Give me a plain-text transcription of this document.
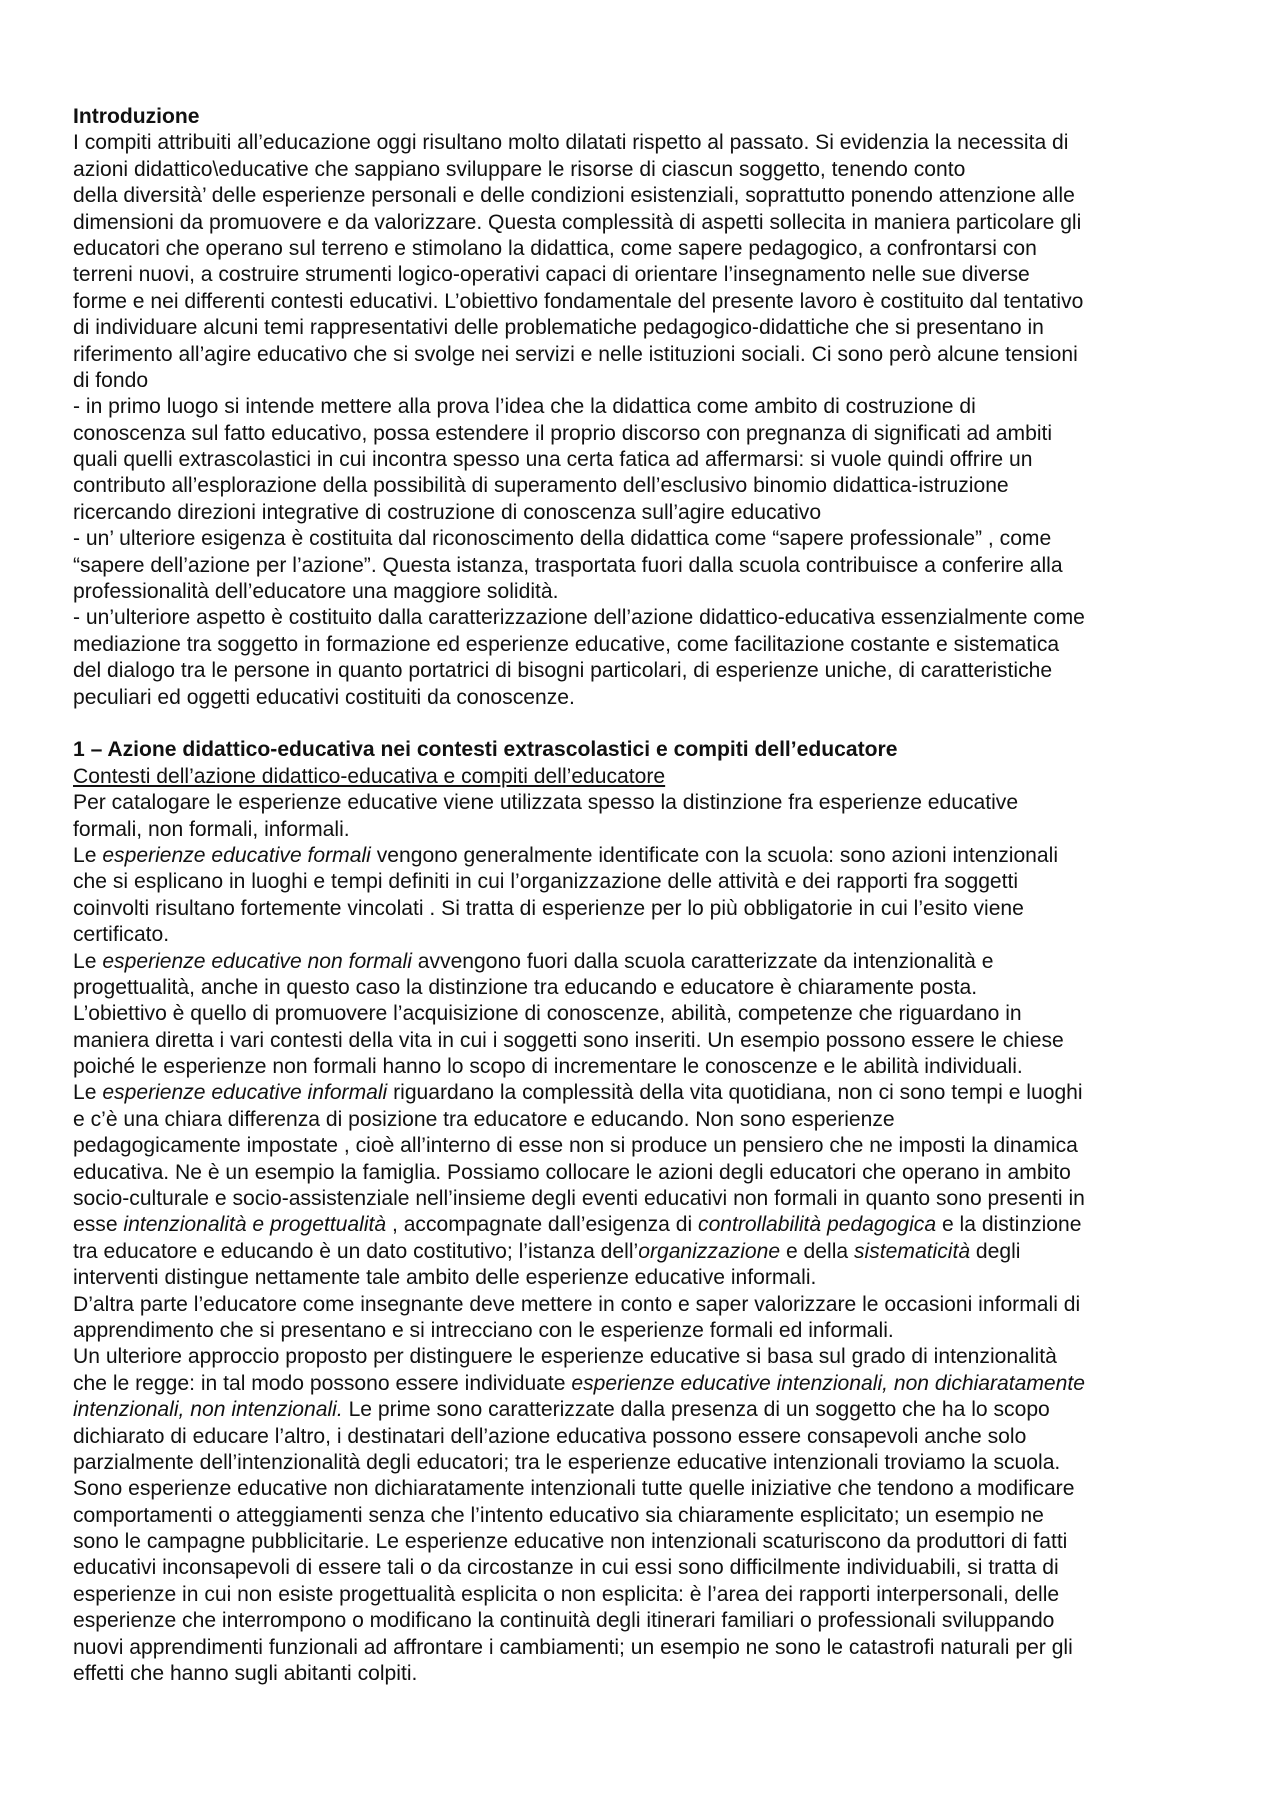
Introduzione
I compiti attribuiti all’educazione oggi risultano molto dilatati rispetto al passato. Si evidenzia la necessita di
azioni didattico\educative che sappiano sviluppare le risorse di ciascun soggetto, tenendo conto
della diversità’ delle esperienze personali e delle condizioni esistenziali, soprattutto ponendo attenzione alle
dimensioni da promuovere e da valorizzare. Questa complessità di aspetti sollecita in maniera particolare gli
educatori che operano sul terreno e stimolano la didattica, come sapere pedagogico, a confrontarsi con
terreni nuovi, a costruire strumenti logico-operativi capaci di orientare l’insegnamento nelle sue diverse
forme e nei differenti contesti educativi. L’obiettivo fondamentale del presente lavoro è costituito dal tentativo
di individuare alcuni temi rappresentativi delle problematiche pedagogico-didattiche che si presentano in
riferimento all’agire educativo che si svolge nei servizi e nelle istituzioni sociali. Ci sono però alcune tensioni
di fondo
- in primo luogo si intende mettere alla prova l’idea che la didattica come ambito di costruzione di
conoscenza sul fatto educativo, possa estendere il proprio discorso con pregnanza di significati ad ambiti
quali quelli extrascolastici in cui incontra spesso una certa fatica ad affermarsi: si vuole quindi offrire un
contributo all’esplorazione della possibilità di superamento dell’esclusivo binomio didattica-istruzione
ricercando direzioni integrative di costruzione di conoscenza sull’agire educativo
- un’ ulteriore esigenza è costituita dal riconoscimento della didattica come “sapere professionale” , come
“sapere dell’azione per l’azione”. Questa istanza, trasportata fuori dalla scuola contribuisce a conferire alla
professionalità dell’educatore una maggiore solidità.
- un’ulteriore aspetto è costituito dalla caratterizzazione dell’azione didattico-educativa essenzialmente come
mediazione tra soggetto in formazione ed esperienze educative, come facilitazione costante e sistematica
del dialogo tra le persone in quanto portatrici di bisogni particolari, di esperienze uniche, di caratteristiche
peculiari ed oggetti educativi costituiti da conoscenze.
1 – Azione didattico-educativa nei contesti extrascolastici e compiti dell’educatore
Contesti dell’azione didattico-educativa e compiti dell’educatore
Per catalogare le esperienze educative viene utilizzata spesso la distinzione fra esperienze educative
formali, non formali, informali.
Le esperienze educative formali vengono generalmente identificate con la scuola: sono azioni intenzionali
che si esplicano in luoghi e tempi definiti in cui l’organizzazione delle attività e dei rapporti fra soggetti
coinvolti risultano fortemente vincolati . Si tratta di esperienze per lo più obbligatorie in cui l’esito viene
certificato.
Le esperienze educative non formali avvengono fuori dalla scuola caratterizzate da intenzionalità e
progettualità, anche in questo caso la distinzione tra educando e educatore è chiaramente posta.
L’obiettivo è quello di promuovere l’acquisizione di conoscenze, abilità, competenze che riguardano in
maniera diretta i vari contesti della vita in cui i soggetti sono inseriti. Un esempio possono essere le chiese
poiché le esperienze non formali hanno lo scopo di incrementare le conoscenze e le abilità individuali.
Le esperienze educative informali riguardano la complessità della vita quotidiana, non ci sono tempi e luoghi
e c’è una chiara differenza di posizione tra educatore e educando. Non sono esperienze
pedagogicamente impostate , cioè all’interno di esse non si produce un pensiero che ne imposti la dinamica
educativa. Ne è un esempio la famiglia. Possiamo collocare le azioni degli educatori che operano in ambito
socio-culturale e socio-assistenziale nell’insieme degli eventi educativi non formali in quanto sono presenti in
esse intenzionalità e progettualità , accompagnate dall’esigenza di controllabilità pedagogica e la distinzione
tra educatore e educando è un dato costitutivo; l’istanza dell’organizzazione e della sistematicità degli
interventi distingue nettamente tale ambito delle esperienze educative informali.
D’altra parte l’educatore come insegnante deve mettere in conto e saper valorizzare le occasioni informali di
apprendimento che si presentano e si intrecciano con le esperienze formali ed informali.
Un ulteriore approccio proposto per distinguere le esperienze educative si basa sul grado di intenzionalità
che le regge: in tal modo possono essere individuate esperienze educative intenzionali, non dichiaratamente
intenzionali, non intenzionali. Le prime sono caratterizzate dalla presenza di un soggetto che ha lo scopo
dichiarato di educare l’altro, i destinatari dell’azione educativa possono essere consapevoli anche solo
parzialmente dell’intenzionalità degli educatori; tra le esperienze educative intenzionali troviamo la scuola.
Sono esperienze educative non dichiaratamente intenzionali tutte quelle iniziative che tendono a modificare
comportamenti o atteggiamenti senza che l’intento educativo sia chiaramente esplicitato; un esempio ne
sono le campagne pubblicitarie. Le esperienze educative non intenzionali scaturiscono da produttori di fatti
educativi inconsapevoli di essere tali o da circostanze in cui essi sono difficilmente individuabili, si tratta di
esperienze in cui non esiste progettualità esplicita o non esplicita: è l’area dei rapporti interpersonali, delle
esperienze che interrompono o modificano la continuità degli itinerari familiari o professionali sviluppando
nuovi apprendimenti funzionali ad affrontare i cambiamenti; un esempio ne sono le catastrofi naturali per gli
effetti che hanno sugli abitanti colpiti.
